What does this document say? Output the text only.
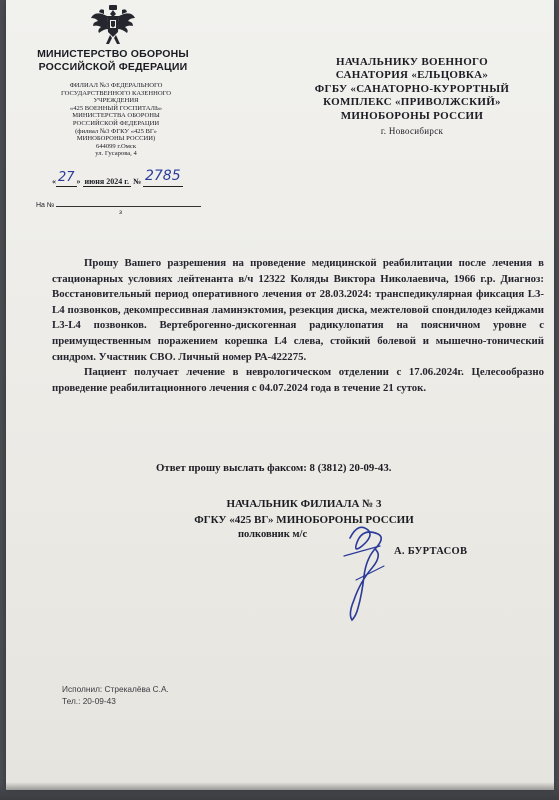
МИНИСТЕРСТВО ОБОРОНЫ
РОССИЙСКОЙ ФЕДЕРАЦИИ
ФИЛИАЛ №3 ФЕДЕРАЛЬНОГО
ГОСУДАРСТВЕННОГО КАЗЕННОГО
УЧРЕЖДЕНИЯ
«425 ВОЕННЫЙ ГОСПИТАЛЬ»
МИНИСТЕРСТВА ОБОРОНЫ
РОССИЙСКОЙ ФЕДЕРАЦИИ
(филиал №3 ФГКУ «425 ВГ»
МИНОБОРОНЫ РОССИИ)
644099 г.Омск
ул. Гусарова, 4
« 27 » июня 2024 г. № 2785
На №
з
НАЧАЛЬНИКУ ВОЕННОГО
САНАТОРИЯ «ЕЛЬЦОВКА»
ФГБУ «САНАТОРНО-КУРОРТНЫЙ
КОМПЛЕКС «ПРИВОЛЖСКИЙ»
МИНОБОРОНЫ РОССИИ
г. Новосибирск

Прошу Вашего разрешения на проведение медицинской реабилитации после лечения в стационарных условиях лейтенанта в/ч 12322 Коляды Виктора Николаевича, 1966 г.р. Диагноз: Восстановительный период оперативного лечения от 28.03.2024: транспедикулярная фиксация L3-L4 позвонков, декомпрессивная ламинэктомия, резекция диска, межтеловой спондилодез кейджами L3-L4 позвонков. Вертеброгенно-дискогенная радикулопатия на поясничном уровне с преимущественным поражением корешка L4 слева, стойкий болевой и мышечно-тонический синдром. Участник СВО. Личный номер РА-422275.

Пациент получает лечение в неврологическом отделении с 17.06.2024г. Целесообразно проведение реабилитационного лечения с 04.07.2024 года в течение 21 суток.

Ответ прошу выслать факсом: 8 (3812) 20-09-43.
НАЧАЛЬНИК ФИЛИАЛА № 3
ФГКУ «425 ВГ» МИНОБОРОНЫ РОССИИ
полковник м/с
А. БУРТАСОВ
Исполнил: Стрекалёва С.А.
Тел.: 20-09-43
